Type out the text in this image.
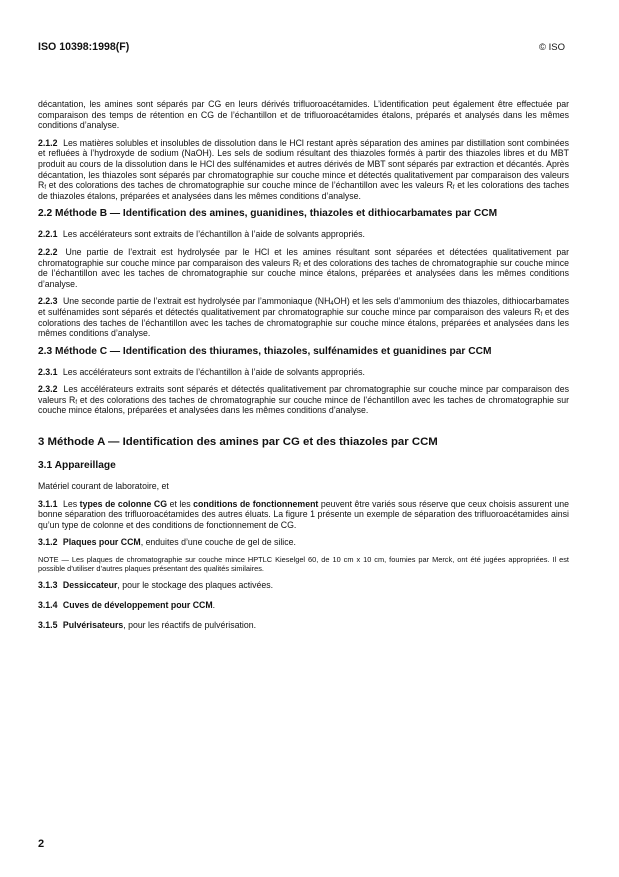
ISO 10398:1998(F)	© ISO

décantation, les amines sont séparés par CG en leurs dérivés trifluoroacétamides. L’identification peut également être effectuée par comparaison des temps de rétention en CG de l’échantillon et de trifluoroacétamides étalons, préparés et analysés dans les mêmes conditions d’analyse.

2.1.2 Les matières solubles et insolubles de dissolution dans le HCl restant après séparation des amines par distillation sont combinées et refluées à l’hydroxyde de sodium (NaOH). Les sels de sodium résultant des thiazoles formés à partir des thiazoles libres et du MBT produit au cours de la dissolution dans le HCl des sulfénamides et autres dérivés de MBT sont séparés par extraction et décantés. Après décantation, les thiazoles sont séparés par chromatographie sur couche mince et détectés qualitativement par comparaison des valeurs $R_f$ et des colorations des taches de chromatographie sur couche mince de l’échantillon avec les valeurs $R_f$ et les colorations des taches de thiazoles étalons, préparées et analysées dans les mêmes conditions d’analyse.

2.2 Méthode B — Identification des amines, guanidines, thiazoles et dithiocarbamates par CCM

2.2.1 Les accélérateurs sont extraits de l’échantillon à l’aide de solvants appropriés.

2.2.2 Une partie de l’extrait est hydrolysée par le HCl et les amines résultant sont séparées et détectées qualitativement par chromatographie sur couche mince par comparaison des valeurs $R_f$ et des colorations des taches de chromatographie sur couche mince de l’échantillon avec les taches de chromatographie sur couche mince étalons, préparées et analysées dans les mêmes conditions d’analyse.

2.2.3 Une seconde partie de l’extrait est hydrolysée par l’ammoniaque $(NH_4OH)$ et les sels d’ammonium des thiazoles, dithiocarbamates et sulfénamides sont séparés et détectés qualitativement par chromatographie sur couche mince par comparaison des valeurs $R_f$ et des colorations des taches de l’échantillon avec les taches de chromatographie sur couche mince étalons, préparées et analysées dans les mêmes conditions d’analyse.

2.3 Méthode C — Identification des thiurames, thiazoles, sulfénamides et guanidines par CCM

2.3.1 Les accélérateurs sont extraits de l’échantillon à l’aide de solvants appropriés.

2.3.2 Les accélérateurs extraits sont séparés et détectés qualitativement par chromatographie sur couche mince par comparaison des valeurs $R_f$ et des colorations des taches de chromatographie sur couche mince de l’échantillon avec les taches de chromatographie sur couche mince étalons, préparées et analysées dans les mêmes conditions d’analyse.

3 Méthode A — Identification des amines par CG et des thiazoles par CCM
3.1 Appareillage

Matériel courant de laboratoire, et

3.1.1 Les types de colonne CG et les conditions de fonctionnement peuvent être variés sous réserve que ceux choisis assurent une bonne séparation des trifluoroacétamides des autres éluats. La figure 1 présente un exemple de séparation des trifluoroacétamides ainsi qu’un type de colonne et des conditions de fonctionnement de CG.

3.1.2 Plaques pour CCM, enduites d’une couche de gel de silice.

NOTE — Les plaques de chromatographie sur couche mince HPTLC Kieselgel 60, de 10 cm x 10 cm, fournies par Merck, ont été jugées appropriées. Il est possible d’utiliser d’autres plaques présentant des qualités similaires.

3.1.3 Dessiccateur, pour le stockage des plaques activées.

3.1.4 Cuves de développement pour CCM.

3.1.5 Pulvérisateurs, pour les réactifs de pulvérisation.

2
